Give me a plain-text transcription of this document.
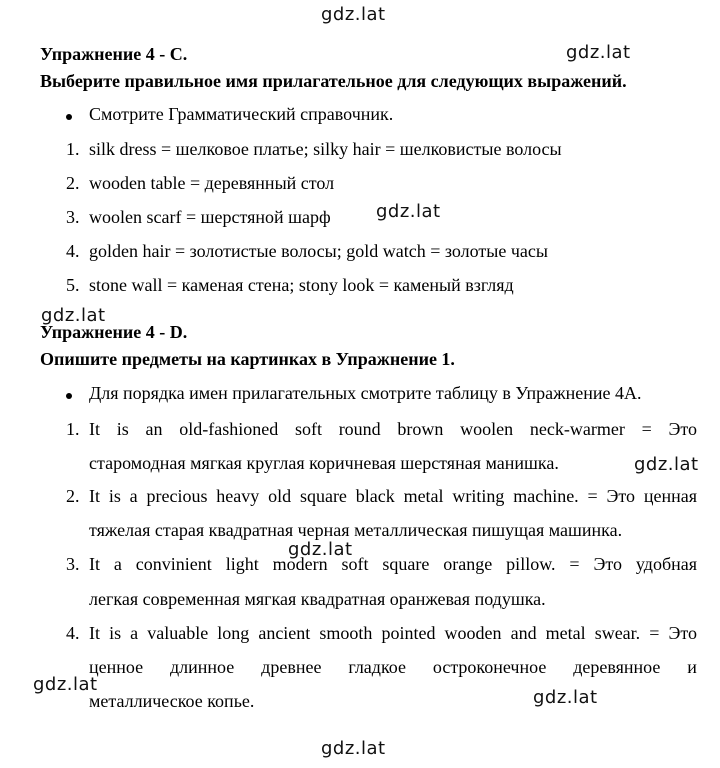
gdz.lat
gdz.lat
gdz.lat
gdz.lat
gdz.lat
gdz.lat
gdz.lat
gdz.lat
gdz.lat
Упражнение 4 - С.
Выберите правильное имя прилагательное для следующих выражений.
Смотрите Грамматический справочник.
1. silk dress = шелковое платье; silky hair = шелковистые волосы
2. wooden table = деревянный стол
3. woolen scarf = шерстяной шарф
4. golden hair = золотистые волосы; gold watch = золотые часы
5. stone wall = каменая стена; stony look = каменый взгляд
Упражнение 4 - D.
Опишите предметы на картинках в Упражнение 1.
Для порядка имен прилагательных смотрите таблицу в Упражнение 4А.
1. It is an old-fashioned soft round brown woolen neck-warmer = Это
старомодная мягкая круглая коричневая шерстяная манишка.
2. It is a precious heavy old square black metal writing machine. = Это ценная
тяжелая старая квадратная черная металлическая пишущая машинка.
3. It a convinient light modern soft square orange pillow. = Это удобная
легкая современная мягкая квадратная оранжевая подушка.
4. It is a valuable long ancient smooth pointed wooden and metal swear. = Это
ценное длинное древнее гладкое остроконечное деревянное и
металлическое копье.
